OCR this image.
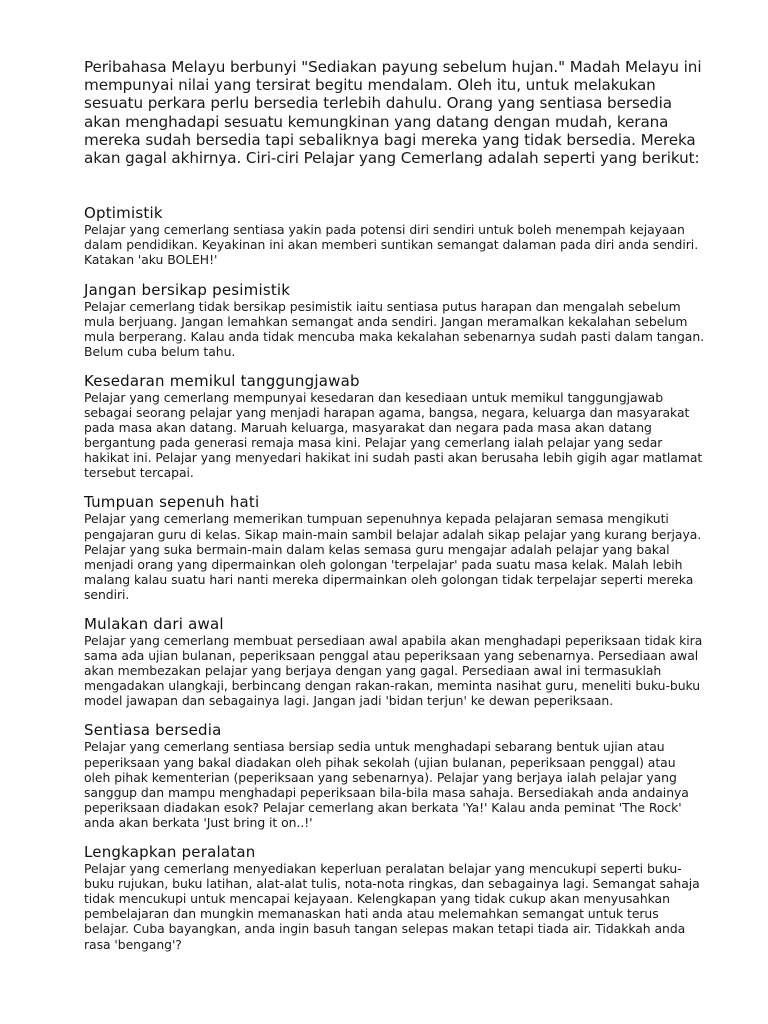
Peribahasa Melayu berbunyi "Sediakan payung sebelum hujan." Madah Melayu ini mempunyai nilai yang tersirat begitu mendalam. Oleh itu, untuk melakukan sesuatu perkara perlu bersedia terlebih dahulu. Orang yang sentiasa bersedia akan menghadapi sesuatu kemungkinan yang datang dengan mudah, kerana mereka sudah bersedia tapi sebaliknya bagi mereka yang tidak bersedia. Mereka akan gagal akhirnya. Ciri-ciri Pelajar yang Cemerlang adalah seperti yang berikut:

Optimistik

Pelajar yang cemerlang sentiasa yakin pada potensi diri sendiri untuk boleh menempah kejayaan dalam pendidikan. Keyakinan ini akan memberi suntikan semangat dalaman pada diri anda sendiri. Katakan 'aku BOLEH!'

Jangan bersikap pesimistik

Pelajar cemerlang tidak bersikap pesimistik iaitu sentiasa putus harapan dan mengalah sebelum mula berjuang. Jangan lemahkan semangat anda sendiri. Jangan meramalkan kekalahan sebelum mula berperang. Kalau anda tidak mencuba maka kekalahan sebenarnya sudah pasti dalam tangan. Belum cuba belum tahu.

Kesedaran memikul tanggungjawab

Pelajar yang cemerlang mempunyai kesedaran dan kesediaan untuk memikul tanggungjawab sebagai seorang pelajar yang menjadi harapan agama, bangsa, negara, keluarga dan masyarakat pada masa akan datang. Maruah keluarga, masyarakat dan negara pada masa akan datang bergantung pada generasi remaja masa kini. Pelajar yang cemerlang ialah pelajar yang sedar hakikat ini. Pelajar yang menyedari hakikat ini sudah pasti akan berusaha lebih gigih agar matlamat tersebut tercapai.

Tumpuan sepenuh hati

Pelajar yang cemerlang memerikan tumpuan sepenuhnya kepada pelajaran semasa mengikuti pengajaran guru di kelas. Sikap main-main sambil belajar adalah sikap pelajar yang kurang berjaya. Pelajar yang suka bermain-main dalam kelas semasa guru mengajar adalah pelajar yang bakal menjadi orang yang dipermainkan oleh golongan 'terpelajar' pada suatu masa kelak. Malah lebih malang kalau suatu hari nanti mereka dipermainkan oleh golongan tidak terpelajar seperti mereka sendiri.

Mulakan dari awal

Pelajar yang cemerlang membuat persediaan awal apabila akan menghadapi peperiksaan tidak kira sama ada ujian bulanan, peperiksaan penggal atau peperiksaan yang sebenarnya. Persediaan awal akan membezakan pelajar yang berjaya dengan yang gagal. Persediaan awal ini termasuklah mengadakan ulangkaji, berbincang dengan rakan-rakan, meminta nasihat guru, meneliti buku-buku model jawapan dan sebagainya lagi. Jangan jadi 'bidan terjun' ke dewan peperiksaan.

Sentiasa bersedia

Pelajar yang cemerlang sentiasa bersiap sedia untuk menghadapi sebarang bentuk ujian atau peperiksaan yang bakal diadakan oleh pihak sekolah (ujian bulanan, peperiksaan penggal) atau oleh pihak kementerian (peperiksaan yang sebenarnya). Pelajar yang berjaya ialah pelajar yang sanggup dan mampu menghadapi peperiksaan bila-bila masa sahaja. Bersediakah anda andainya peperiksaan diadakan esok? Pelajar cemerlang akan berkata 'Ya!' Kalau anda peminat 'The Rock' anda akan berkata 'Just bring it on..!'

Lengkapkan peralatan

Pelajar yang cemerlang menyediakan keperluan peralatan belajar yang mencukupi seperti buku-buku rujukan, buku latihan, alat-alat tulis, nota-nota ringkas, dan sebagainya lagi. Semangat sahaja tidak mencukupi untuk mencapai kejayaan. Kelengkapan yang tidak cukup akan menyusahkan pembelajaran dan mungkin memanaskan hati anda atau melemahkan semangat untuk terus belajar. Cuba bayangkan, anda ingin basuh tangan selepas makan tetapi tiada air. Tidakkah anda rasa 'bengang'?
